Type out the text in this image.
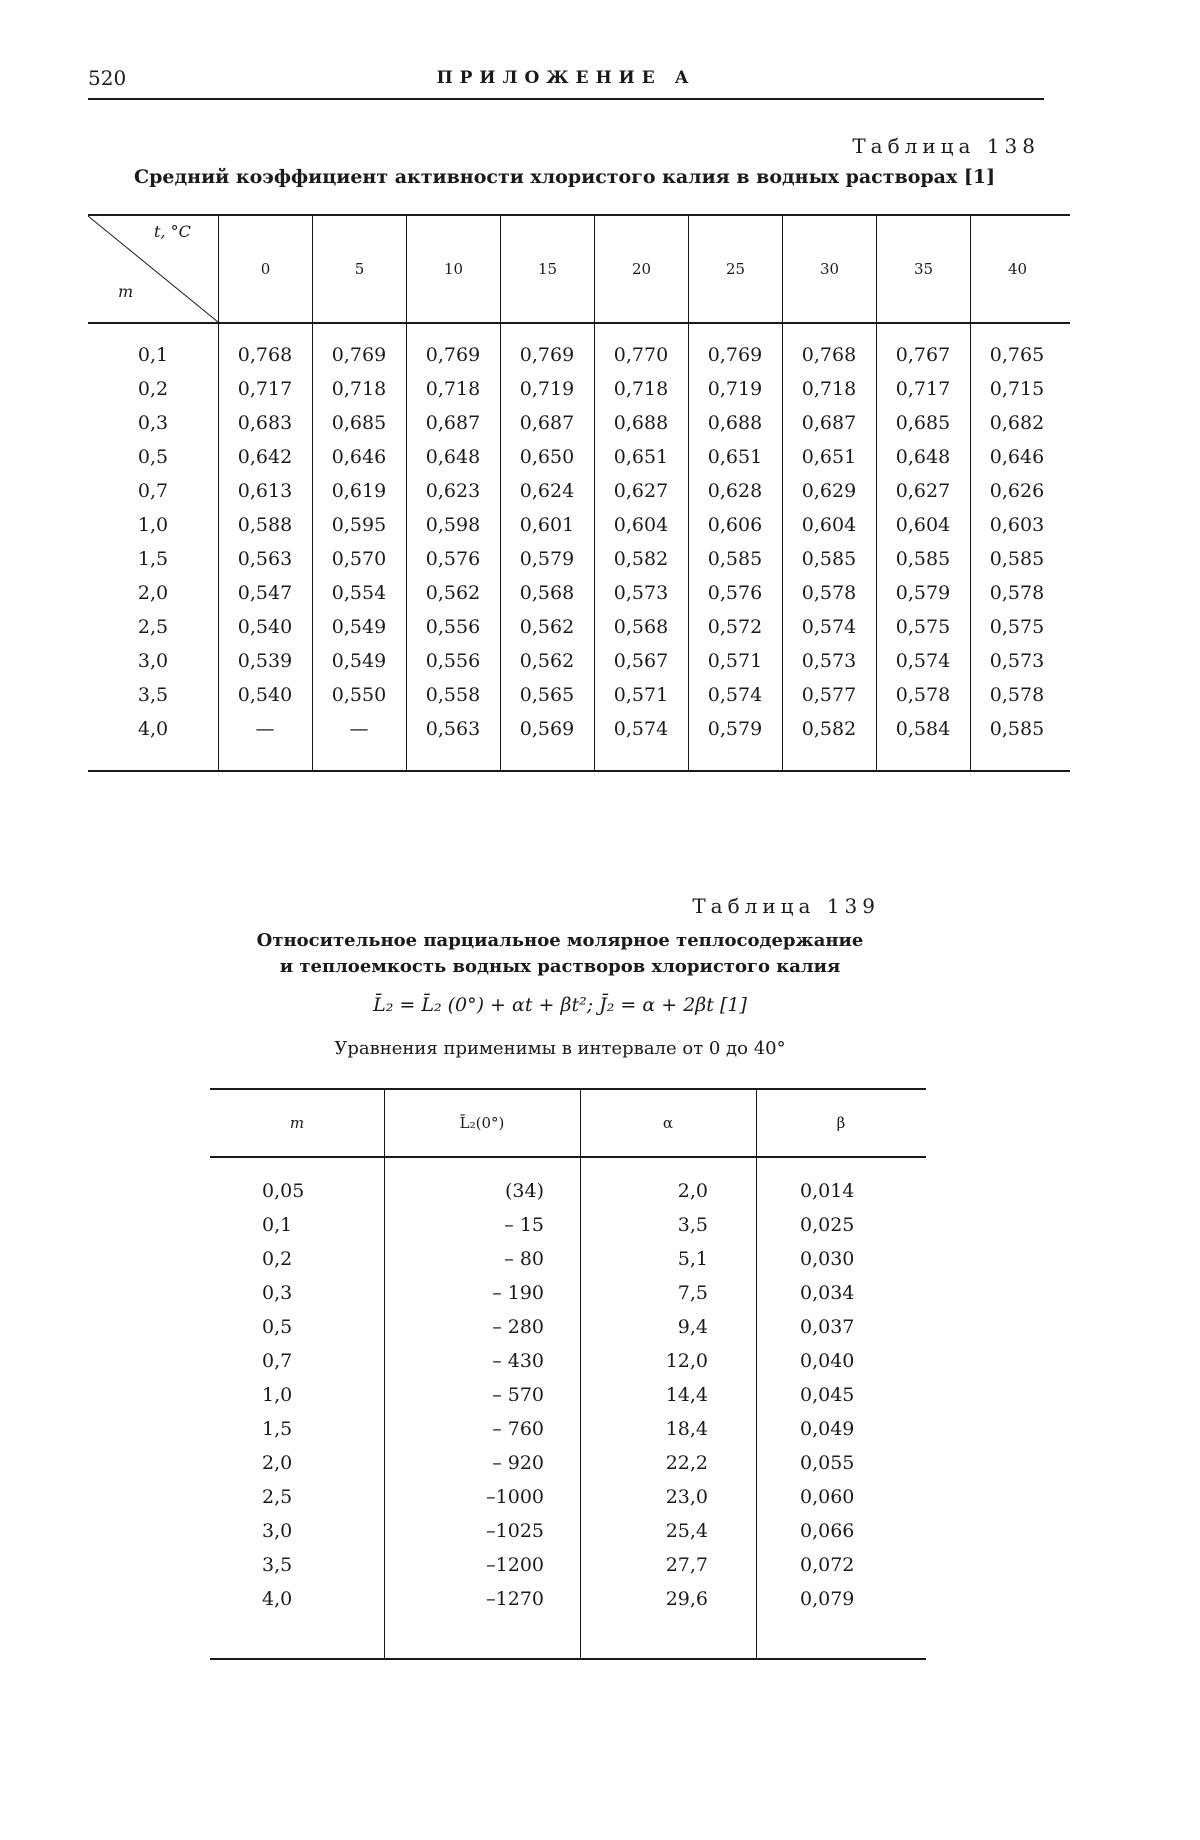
520	ПРИЛОЖЕНИЕ А
Таблица 138
Средний коэффициент активности хлористого калия в водных растворах [1]
t, °C
m
0	5	10	15	20	25	30	35	40
0,1	0,768	0,769	0,769	0,769	0,770	0,769	0,768	0,767	0,765
0,2	0,717	0,718	0,718	0,719	0,718	0,719	0,718	0,717	0,715
0,3	0,683	0,685	0,687	0,687	0,688	0,688	0,687	0,685	0,682
0,5	0,642	0,646	0,648	0,650	0,651	0,651	0,651	0,648	0,646
0,7	0,613	0,619	0,623	0,624	0,627	0,628	0,629	0,627	0,626
1,0	0,588	0,595	0,598	0,601	0,604	0,606	0,604	0,604	0,603
1,5	0,563	0,570	0,576	0,579	0,582	0,585	0,585	0,585	0,585
2,0	0,547	0,554	0,562	0,568	0,573	0,576	0,578	0,579	0,578
2,5	0,540	0,549	0,556	0,562	0,568	0,572	0,574	0,575	0,575
3,0	0,539	0,549	0,556	0,562	0,567	0,571	0,573	0,574	0,573
3,5	0,540	0,550	0,558	0,565	0,571	0,574	0,577	0,578	0,578
4,0	—	—	0,563	0,569	0,574	0,579	0,582	0,584	0,585
Таблица 139
Относительное парциальное молярное теплосодержание
и теплоемкость водных растворов хлористого калия
L̄₂ = L̄₂ (0°) + αt + βt²; J̄₂ = α + 2βt [1]
Уравнения применимы в интервале от 0 до 40°
m	L̄₂(0°)	α	β
0,05	(34)	2,0	0,014
0,1	– 15	3,5	0,025
0,2	– 80	5,1	0,030
0,3	– 190	7,5	0,034
0,5	– 280	9,4	0,037
0,7	– 430	12,0	0,040
1,0	– 570	14,4	0,045
1,5	– 760	18,4	0,049
2,0	– 920	22,2	0,055
2,5	–1000	23,0	0,060
3,0	–1025	25,4	0,066
3,5	–1200	27,7	0,072
4,0	–1270	29,6	0,079
